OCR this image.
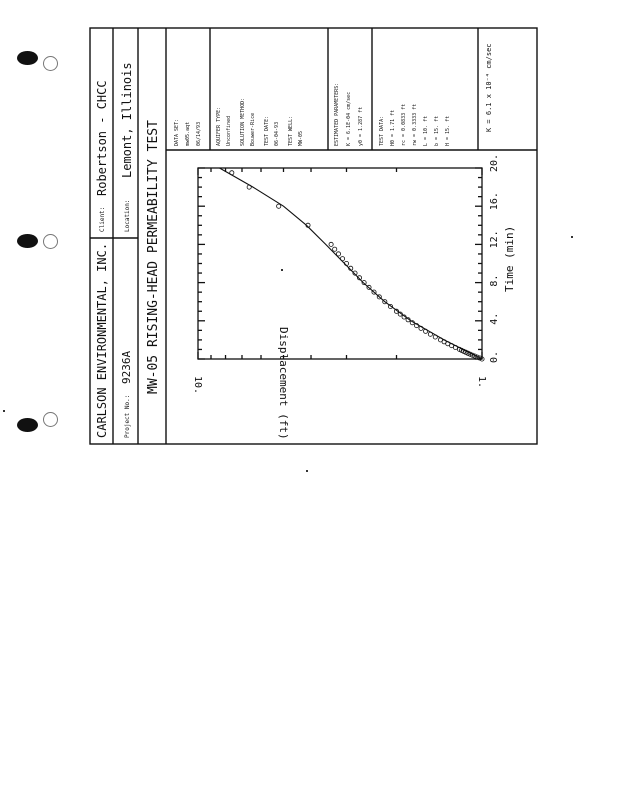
CARLSON ENVIRONMENTAL, INC.
Client:
Robertson - CHCC
Project No.:
9236A
Location:
Lemont, Illinois MW-05 RISING-HEAD PERMEABILITY TEST	DATA SET: mw05.aqt 06/14/93	AQUIFER TYPE: Unconfined SOLUTION METHOD: Bouwer-Rice TEST DATE: 06-04-93 TEST WELL: MW-05	ESTIMATED PARAMETERS: K = 6.1E-04 cm/sec y0 = 1.287 ft	TEST DATA: H0 = 1.71 ft rc = 0.0833 ft rw = 0.3333 ft L = 10. ft b = 15. ft H = 15. ft	K = 6.1 x 10⁻⁴ cm/sec
0.
4.
8.
12.
16.
20.
1.
10.
Time (min)
Displacement (ft)
